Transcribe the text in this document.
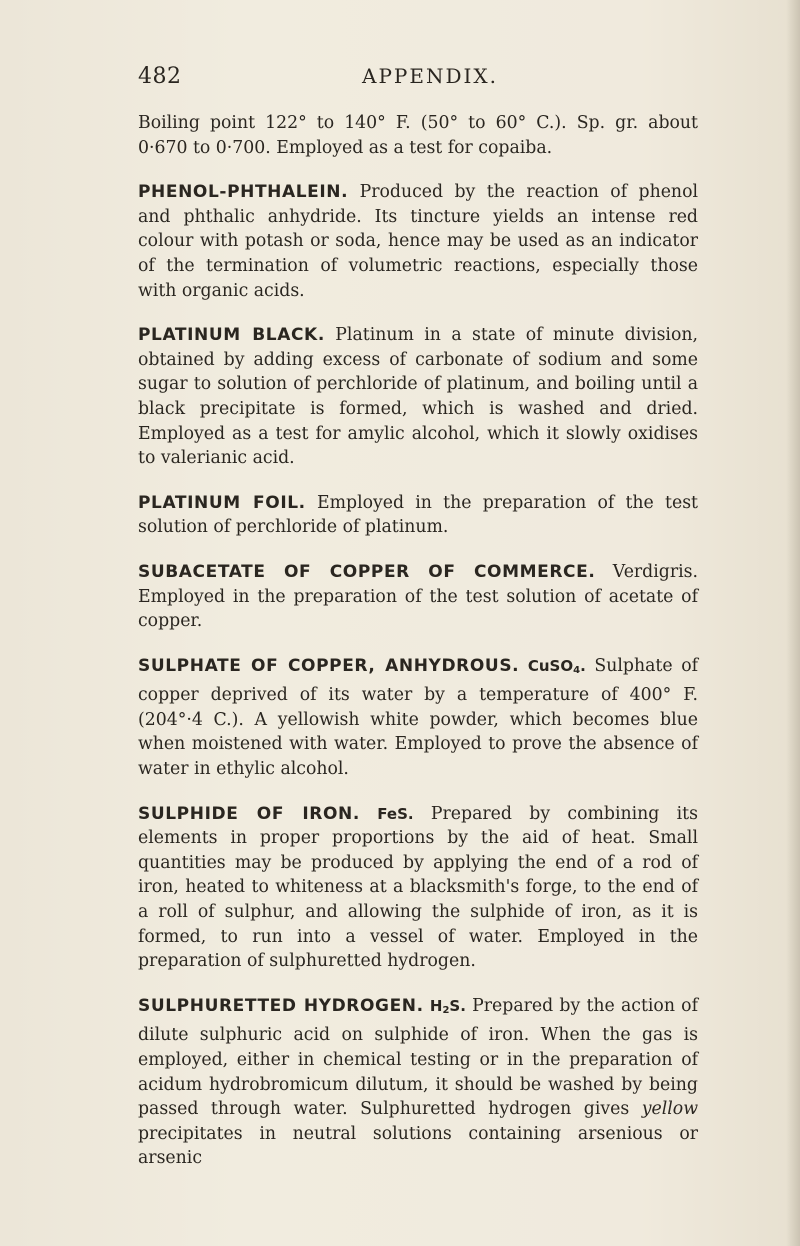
482	APPENDIX.

Boiling point 122° to 140° F. (50° to 60° C.). Sp. gr. about 0·670 to 0·700. Employed as a test for copaiba.

PHENOL-PHTHALEIN. Produced by the reaction of phenol and phthalic anhydride. Its tincture yields an intense red colour with potash or soda, hence may be used as an indicator of the termination of volumetric reactions, especially those with organic acids.

PLATINUM BLACK. Platinum in a state of minute division, obtained by adding excess of carbonate of sodium and some sugar to solution of perchloride of platinum, and boiling until a black precipitate is formed, which is washed and dried. Employed as a test for amylic alcohol, which it slowly oxidises to valerianic acid.

PLATINUM FOIL. Employed in the preparation of the test solution of perchloride of platinum.

SUBACETATE OF COPPER OF COMMERCE. Verdigris. Employed in the preparation of the test solution of acetate of copper.

SULPHATE OF COPPER, ANHYDROUS. CuSO$_4$. Sulphate of copper deprived of its water by a temperature of 400° F. (204°·4 C.). A yellowish white powder, which becomes blue when moistened with water. Employed to prove the absence of water in ethylic alcohol.

SULPHIDE OF IRON. FeS. Prepared by combining its elements in proper proportions by the aid of heat. Small quantities may be produced by applying the end of a rod of iron, heated to whiteness at a blacksmith's forge, to the end of a roll of sulphur, and allowing the sulphide of iron, as it is formed, to run into a vessel of water. Employed in the preparation of sulphuretted hydrogen.

SULPHURETTED HYDROGEN. $H_2S$. Prepared by the action of dilute sulphuric acid on sulphide of iron. When the gas is employed, either in chemical testing or in the preparation of acidum hydrobromicum dilutum, it should be washed by being passed through water. Sulphuretted hydrogen gives yellow precipitates in neutral solutions containing arsenious or arsenic
